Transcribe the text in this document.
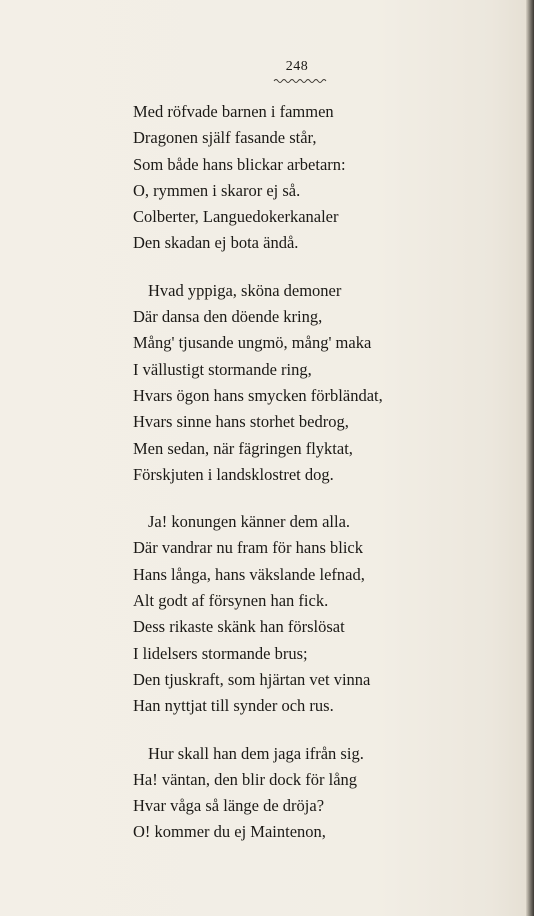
248
Med röfvade barnen i fammen
Dragonen själf fasande står,
Som både hans blickar arbetarn:
O, rymmen i skaror ej så.
Colberter, Languedokerkanaler
Den skadan ej bota ändå.
Hvad yppiga, sköna demoner
Där dansa den döende kring,
Mång' tjusande ungmö, mång' maka
I vällustigt stormande ring,
Hvars ögon hans smycken förbländat,
Hvars sinne hans storhet bedrog,
Men sedan, när fägringen flyktat,
Förskjuten i landsklostret dog.
Ja! konungen känner dem alla.
Där vandrar nu fram för hans blick
Hans långa, hans väkslande lefnad,
Alt godt af försynen han fick.
Dess rikaste skänk han förslösat
I lidelsers stormande brus;
Den tjuskraft, som hjärtan vet vinna
Han nyttjat till synder och rus.
Hur skall han dem jaga ifrån sig.
Ha! väntan, den blir dock för lång
Hvar våga så länge de dröja?
O! kommer du ej Maintenon,
